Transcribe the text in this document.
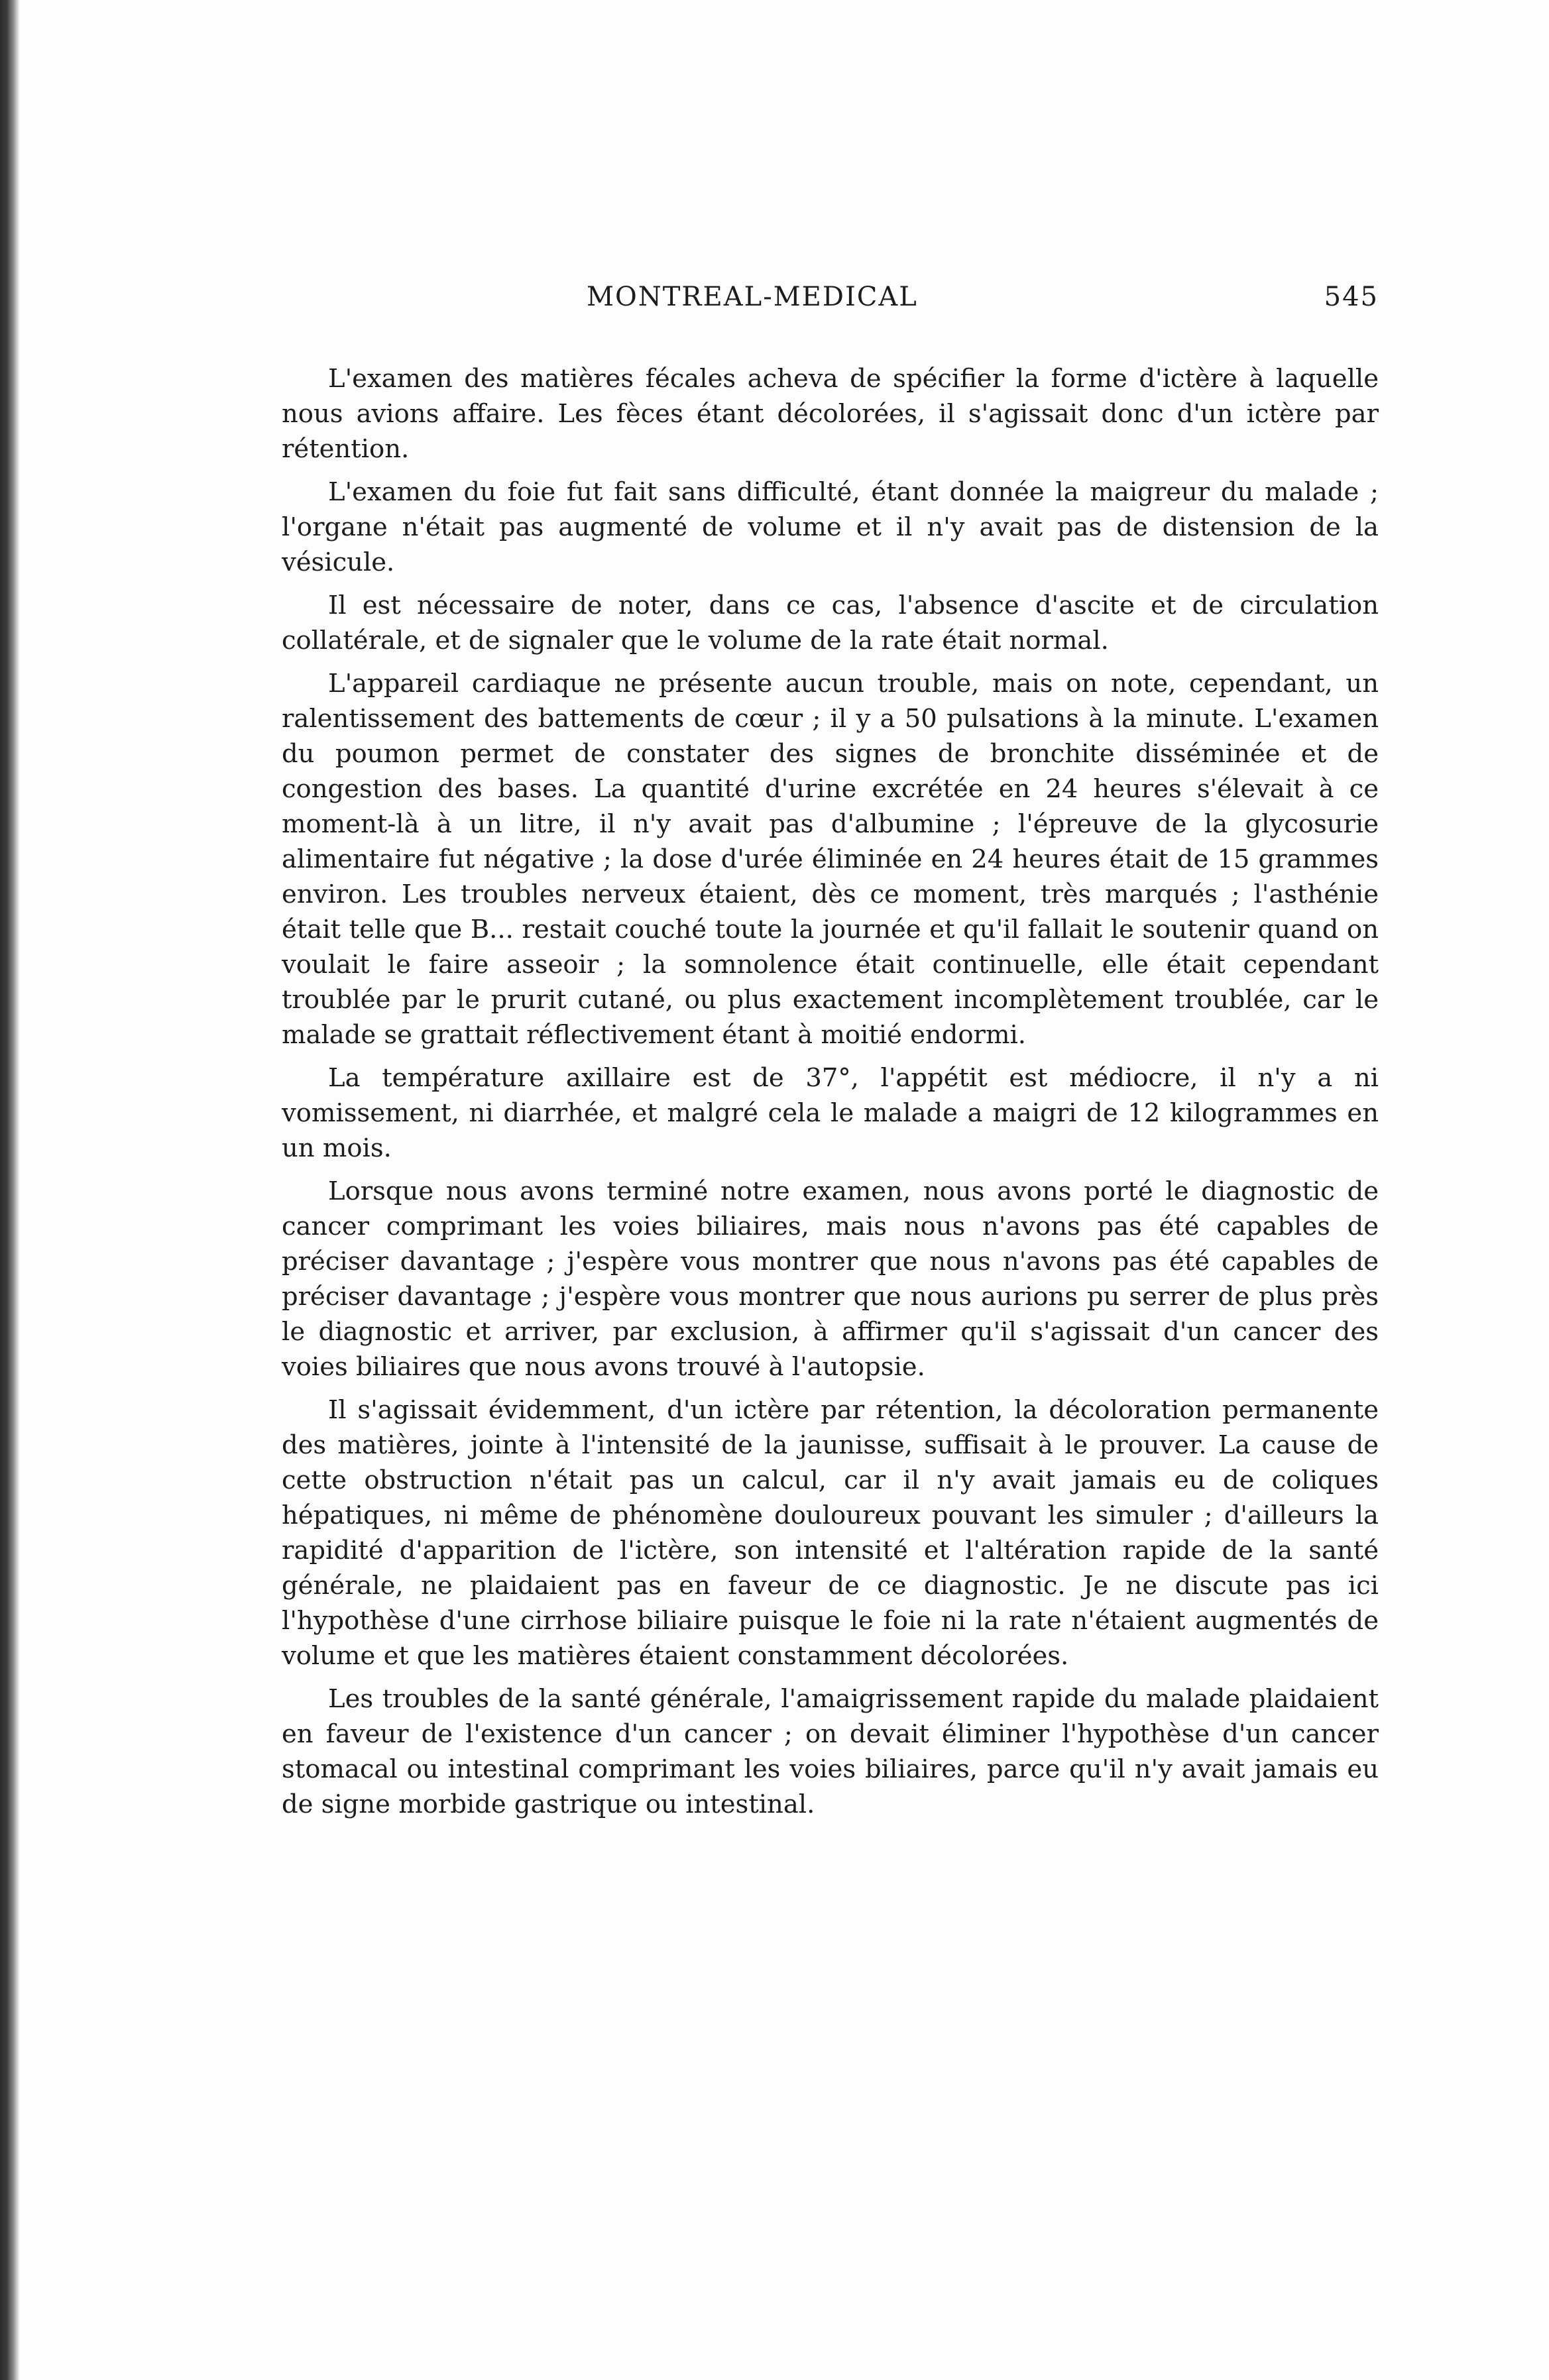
MONTREAL-MEDICAL	545

L'examen des matières fécales acheva de spécifier la forme d'ictère à laquelle nous avions affaire. Les fèces étant décolorées, il s'agissait donc d'un ictère par rétention.

L'examen du foie fut fait sans difficulté, étant donnée la maigreur du malade ; l'organe n'était pas augmenté de volume et il n'y avait pas de distension de la vésicule.

Il est nécessaire de noter, dans ce cas, l'absence d'ascite et de circulation collatérale, et de signaler que le volume de la rate était normal.

L'appareil cardiaque ne présente aucun trouble, mais on note, cependant, un ralentissement des battements de cœur ; il y a 50 pulsations à la minute. L'examen du poumon permet de constater des signes de bronchite disséminée et de congestion des bases. La quantité d'urine excrétée en 24 heures s'élevait à ce moment-là à un litre, il n'y avait pas d'albumine ; l'épreuve de la glycosurie alimentaire fut négative ; la dose d'urée éliminée en 24 heures était de 15 grammes environ. Les troubles nerveux étaient, dès ce moment, très marqués ; l'asthénie était telle que B... restait couché toute la journée et qu'il fallait le soutenir quand on voulait le faire asseoir ; la somnolence était continuelle, elle était cependant troublée par le prurit cutané, ou plus exactement incomplètement troublée, car le malade se grattait réflectivement étant à moitié endormi.

La température axillaire est de 37°, l'appétit est médiocre, il n'y a ni vomissement, ni diarrhée, et malgré cela le malade a maigri de 12 kilogrammes en un mois.

Lorsque nous avons terminé notre examen, nous avons porté le diagnostic de cancer comprimant les voies biliaires, mais nous n'avons pas été capables de préciser davantage ; j'espère vous montrer que nous n'avons pas été capables de préciser davantage ; j'espère vous montrer que nous aurions pu serrer de plus près le diagnostic et arriver, par exclusion, à affirmer qu'il s'agissait d'un cancer des voies biliaires que nous avons trouvé à l'autopsie.

Il s'agissait évidemment, d'un ictère par rétention, la décoloration permanente des matières, jointe à l'intensité de la jaunisse, suffisait à le prouver. La cause de cette obstruction n'était pas un calcul, car il n'y avait jamais eu de coliques hépatiques, ni même de phénomène douloureux pouvant les simuler ; d'ailleurs la rapidité d'apparition de l'ictère, son intensité et l'altération rapide de la santé générale, ne plaidaient pas en faveur de ce diagnostic. Je ne discute pas ici l'hypothèse d'une cirrhose biliaire puisque le foie ni la rate n'étaient augmentés de volume et que les matières étaient constamment décolorées.

Les troubles de la santé générale, l'amaigrissement rapide du malade plaidaient en faveur de l'existence d'un cancer ; on devait éliminer l'hypothèse d'un cancer stomacal ou intestinal comprimant les voies biliaires, parce qu'il n'y avait jamais eu de signe morbide gastrique ou intestinal.
